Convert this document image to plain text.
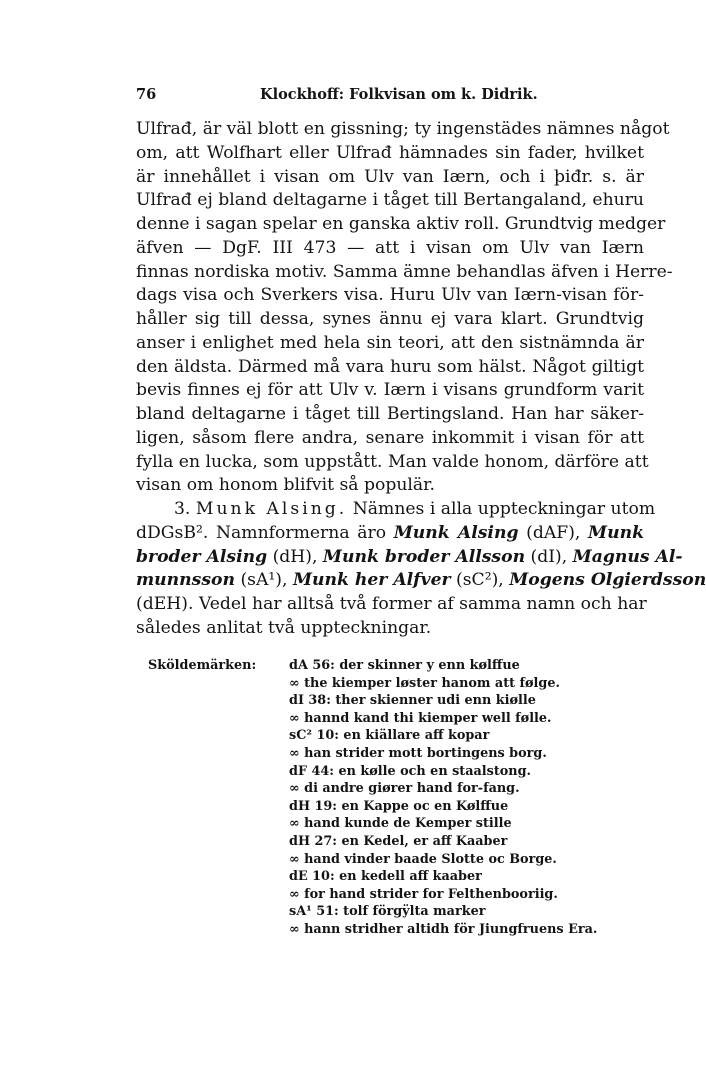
76	Klockhoff: Folkvisan om k. Didrik.
Ulfrađ, är väl blott en gissning; ty ingenstädes nämnes något
om, att Wolfhart eller Ulfrađ hämnades sin fader, hvilket
är innehållet i visan om Ulv van Iærn, och i þiđr. s. är
Ulfrađ ej bland deltagarne i tåget till Bertangaland, ehuru
denne i sagan spelar en ganska aktiv roll. Grundtvig medger
äfven — DgF. III 473 — att i visan om Ulv van Iærn
finnas nordiska motiv. Samma ämne behandlas äfven i Herre-
dags visa och Sverkers visa. Huru Ulv van Iærn-visan för-
håller sig till dessa, synes ännu ej vara klart. Grundtvig
anser i enlighet med hela sin teori, att den sistnämnda är
den äldsta. Därmed må vara huru som hälst. Något giltigt
bevis finnes ej för att Ulv v. Iærn i visans grundform varit
bland deltagarne i tåget till Bertingsland. Han har säker-
ligen, såsom flere andra, senare inkommit i visan för att
fylla en lucka, som uppstått. Man valde honom, därföre att
visan om honom blifvit så populär.
3. Munk Alsing. Nämnes i alla uppteckningar utom
dDGsB². Namnformerna äro Munk Alsing (dAF), Munk
broder Alsing (dH), Munk broder Allsson (dI), Magnus Al-
munnsson (sA¹), Munk her Alfver (sC²), Mogens Olgierdsson
(dEH). Vedel har alltså två former af samma namn och har
således anlitat två uppteckningar.
Sköldemärken:	dA 56: der skinner y enn kølffue
∞ the kiemper løster hanom att følge.
dI 38: ther skienner udi enn kiølle
∞ hannd kand thi kiemper well følle.
sC² 10: en kiällare aff kopar
∞ han strider mott bortingens borg.
dF 44: en kølle och en staalstong.
∞ di andre giører hand for-fang.
dH 19: en Kappe oc en Kølffue
∞ hand kunde de Kemper stille
dH 27: en Kedel, er aff Kaaber
∞ hand vinder baade Slotte oc Borge.
dE 10: en kedell aff kaaber
∞ for hand strider for Felthenbooriig.
sA¹ 51: tolf förgÿlta marker
∞ hann stridher altidh för Jiungfruens Era.
